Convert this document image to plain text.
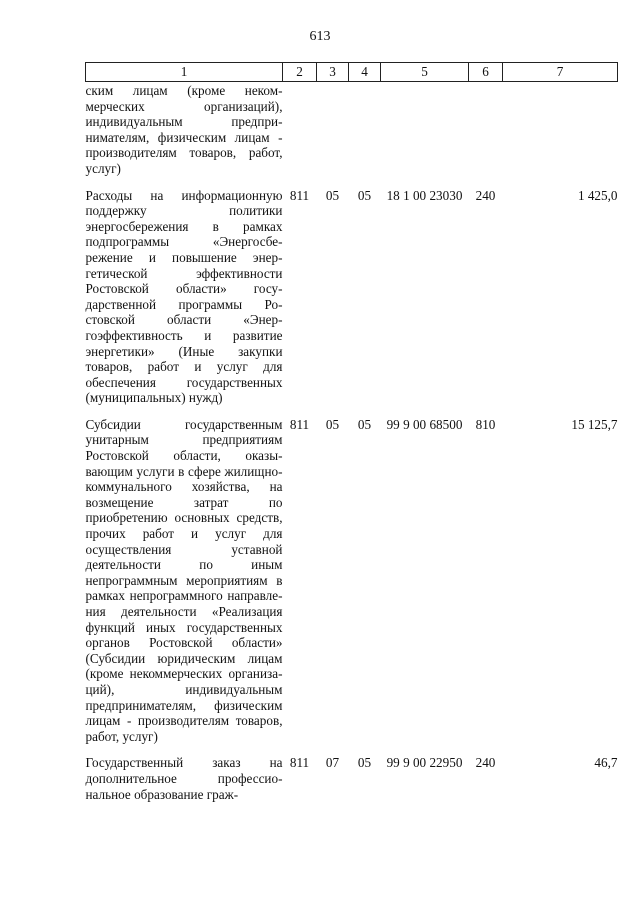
613
1	2	3	4	5	6	7
ским лицам (кроме некоммерческих организаций), индивидуальным предпринимателям, физическим лицам - производителям товаров, работ, услуг)						
Расходы на информационную поддержку политики энергосбережения в рамках подпрограммы «Энергосбережение и повышение энергетической эффективности Ростовской области» государственной программы Ростовской области «Энергоэффективность и развитие энергетики» (Иные закупки товаров, работ и услуг для обеспечения государственных (муниципальных) нужд)	811	05	05	18 1 00 23030	240	1 425,0
Субсидии государственным унитарным предприятиям Ростовской области, оказывающим услуги в сфере жилищно-коммунального хозяйства, на возмещение затрат по приобретению основных средств, прочих работ и услуг для осуществления уставной деятельности по иным непрограммным мероприятиям в рамках непрограммного направления деятельности «Реализация функций иных государственных органов Ростовской области» (Субсидии юридическим лицам (кроме некоммерческих организаций), индивидуальным предпринимателям, физическим лицам - производителям товаров, работ, услуг)	811	05	05	99 9 00 68500	810	15 125,7
Государственный заказ на дополнительное профессиональное образование граж-	811	07	05	99 9 00 22950	240	46,7
